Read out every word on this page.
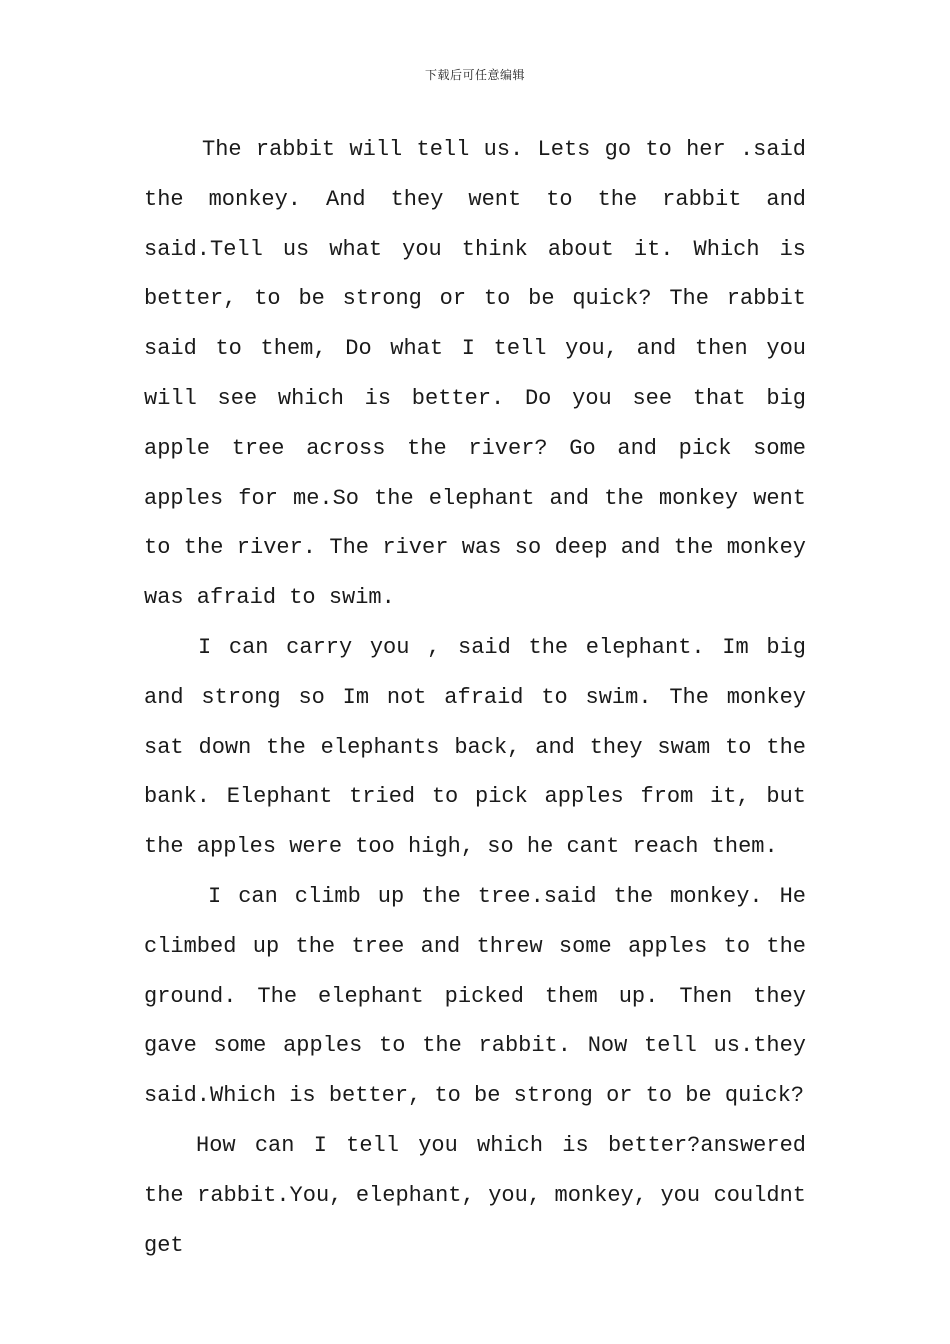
下载后可任意编辑

The rabbit will tell us. Lets go to her .said the monkey. And they went to the rabbit and said.Tell us what you think about it. Which is better, to be strong or to be quick? The rabbit said to them, Do what I tell you, and then you will see which is better. Do you see that big apple tree across the river? Go and pick some apples for me.So the elephant and the monkey went to the river. The river was so deep and the monkey was afraid to swim.

I can carry you , said the elephant. Im big and strong so Im not afraid to swim. The monkey sat down the elephants back, and they swam to the bank. Elephant tried to pick apples from it, but the apples were too high, so he cant reach them.

I can climb up the tree.said the monkey. He climbed up the tree and threw some apples to the ground. The elephant picked them up. Then they gave some apples to the rabbit. Now tell us.they said.Which is better, to be strong or to be quick?

How can I tell you which is better?answered the rabbit.You, elephant, you, monkey, you couldnt get
